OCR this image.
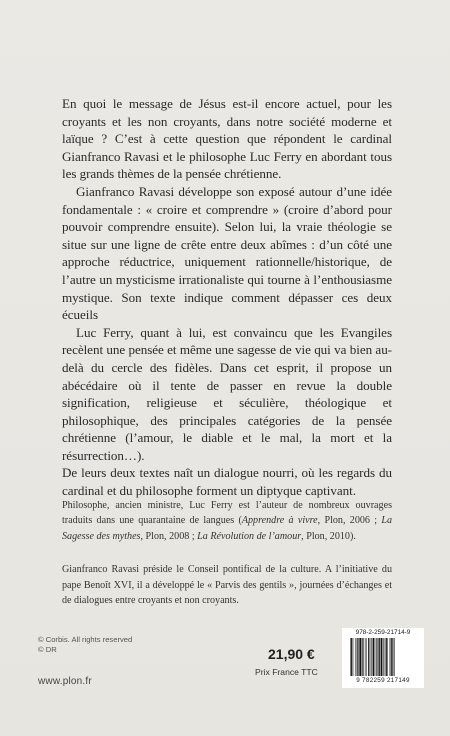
En quoi le message de Jésus est-il encore actuel, pour les croyants et les non croyants, dans notre société moderne et laïque ? C’est à cette question que répondent le cardinal Gianfranco Ravasi et le philosophe Luc Ferry en abordant tous les grands thèmes de la pensée chrétienne.

Gianfranco Ravasi développe son exposé autour d’une idée fondamentale : « croire et comprendre » (croire d’abord pour pouvoir comprendre ensuite). Selon lui, la vraie théologie se situe sur une ligne de crête entre deux abîmes : d’un côté une approche réductrice, uniquement rationnelle/historique, de l’autre un mysticisme irrationaliste qui tourne à l’enthousiasme mystique. Son texte indique comment dépasser ces deux écueils

Luc Ferry, quant à lui, est convaincu que les Evangiles recèlent une pensée et même une sagesse de vie qui va bien au-delà du cercle des fidèles. Dans cet esprit, il propose un abécédaire où il tente de passer en revue la double signification, religieuse et séculière, théologique et philosophique, des principales catégories de la pensée chrétienne (l’amour, le diable et le mal, la mort et la résurrection…).

De leurs deux textes naît un dialogue nourri, où les regards du cardinal et du philosophe forment un diptyque captivant.

Philosophe, ancien ministre, Luc Ferry est l’auteur de nombreux ouvrages traduits dans une quarantaine de langues (Apprendre à vivre, Plon, 2006 ; La Sagesse des mythes, Plon, 2008 ; La Révolution de l’amour, Plon, 2010).

Gianfranco Ravasi préside le Conseil pontifical de la culture. A l’initiative du pape Benoît XVI, il a développé le « Parvis des gentils », journées d’échanges et de dialogues entre croyants et non croyants.

© Corbis. All rights reserved
© DR
www.plon.fr
21,90 €
Prix France TTC
978-2-259-21714-9
9 782259 217149
